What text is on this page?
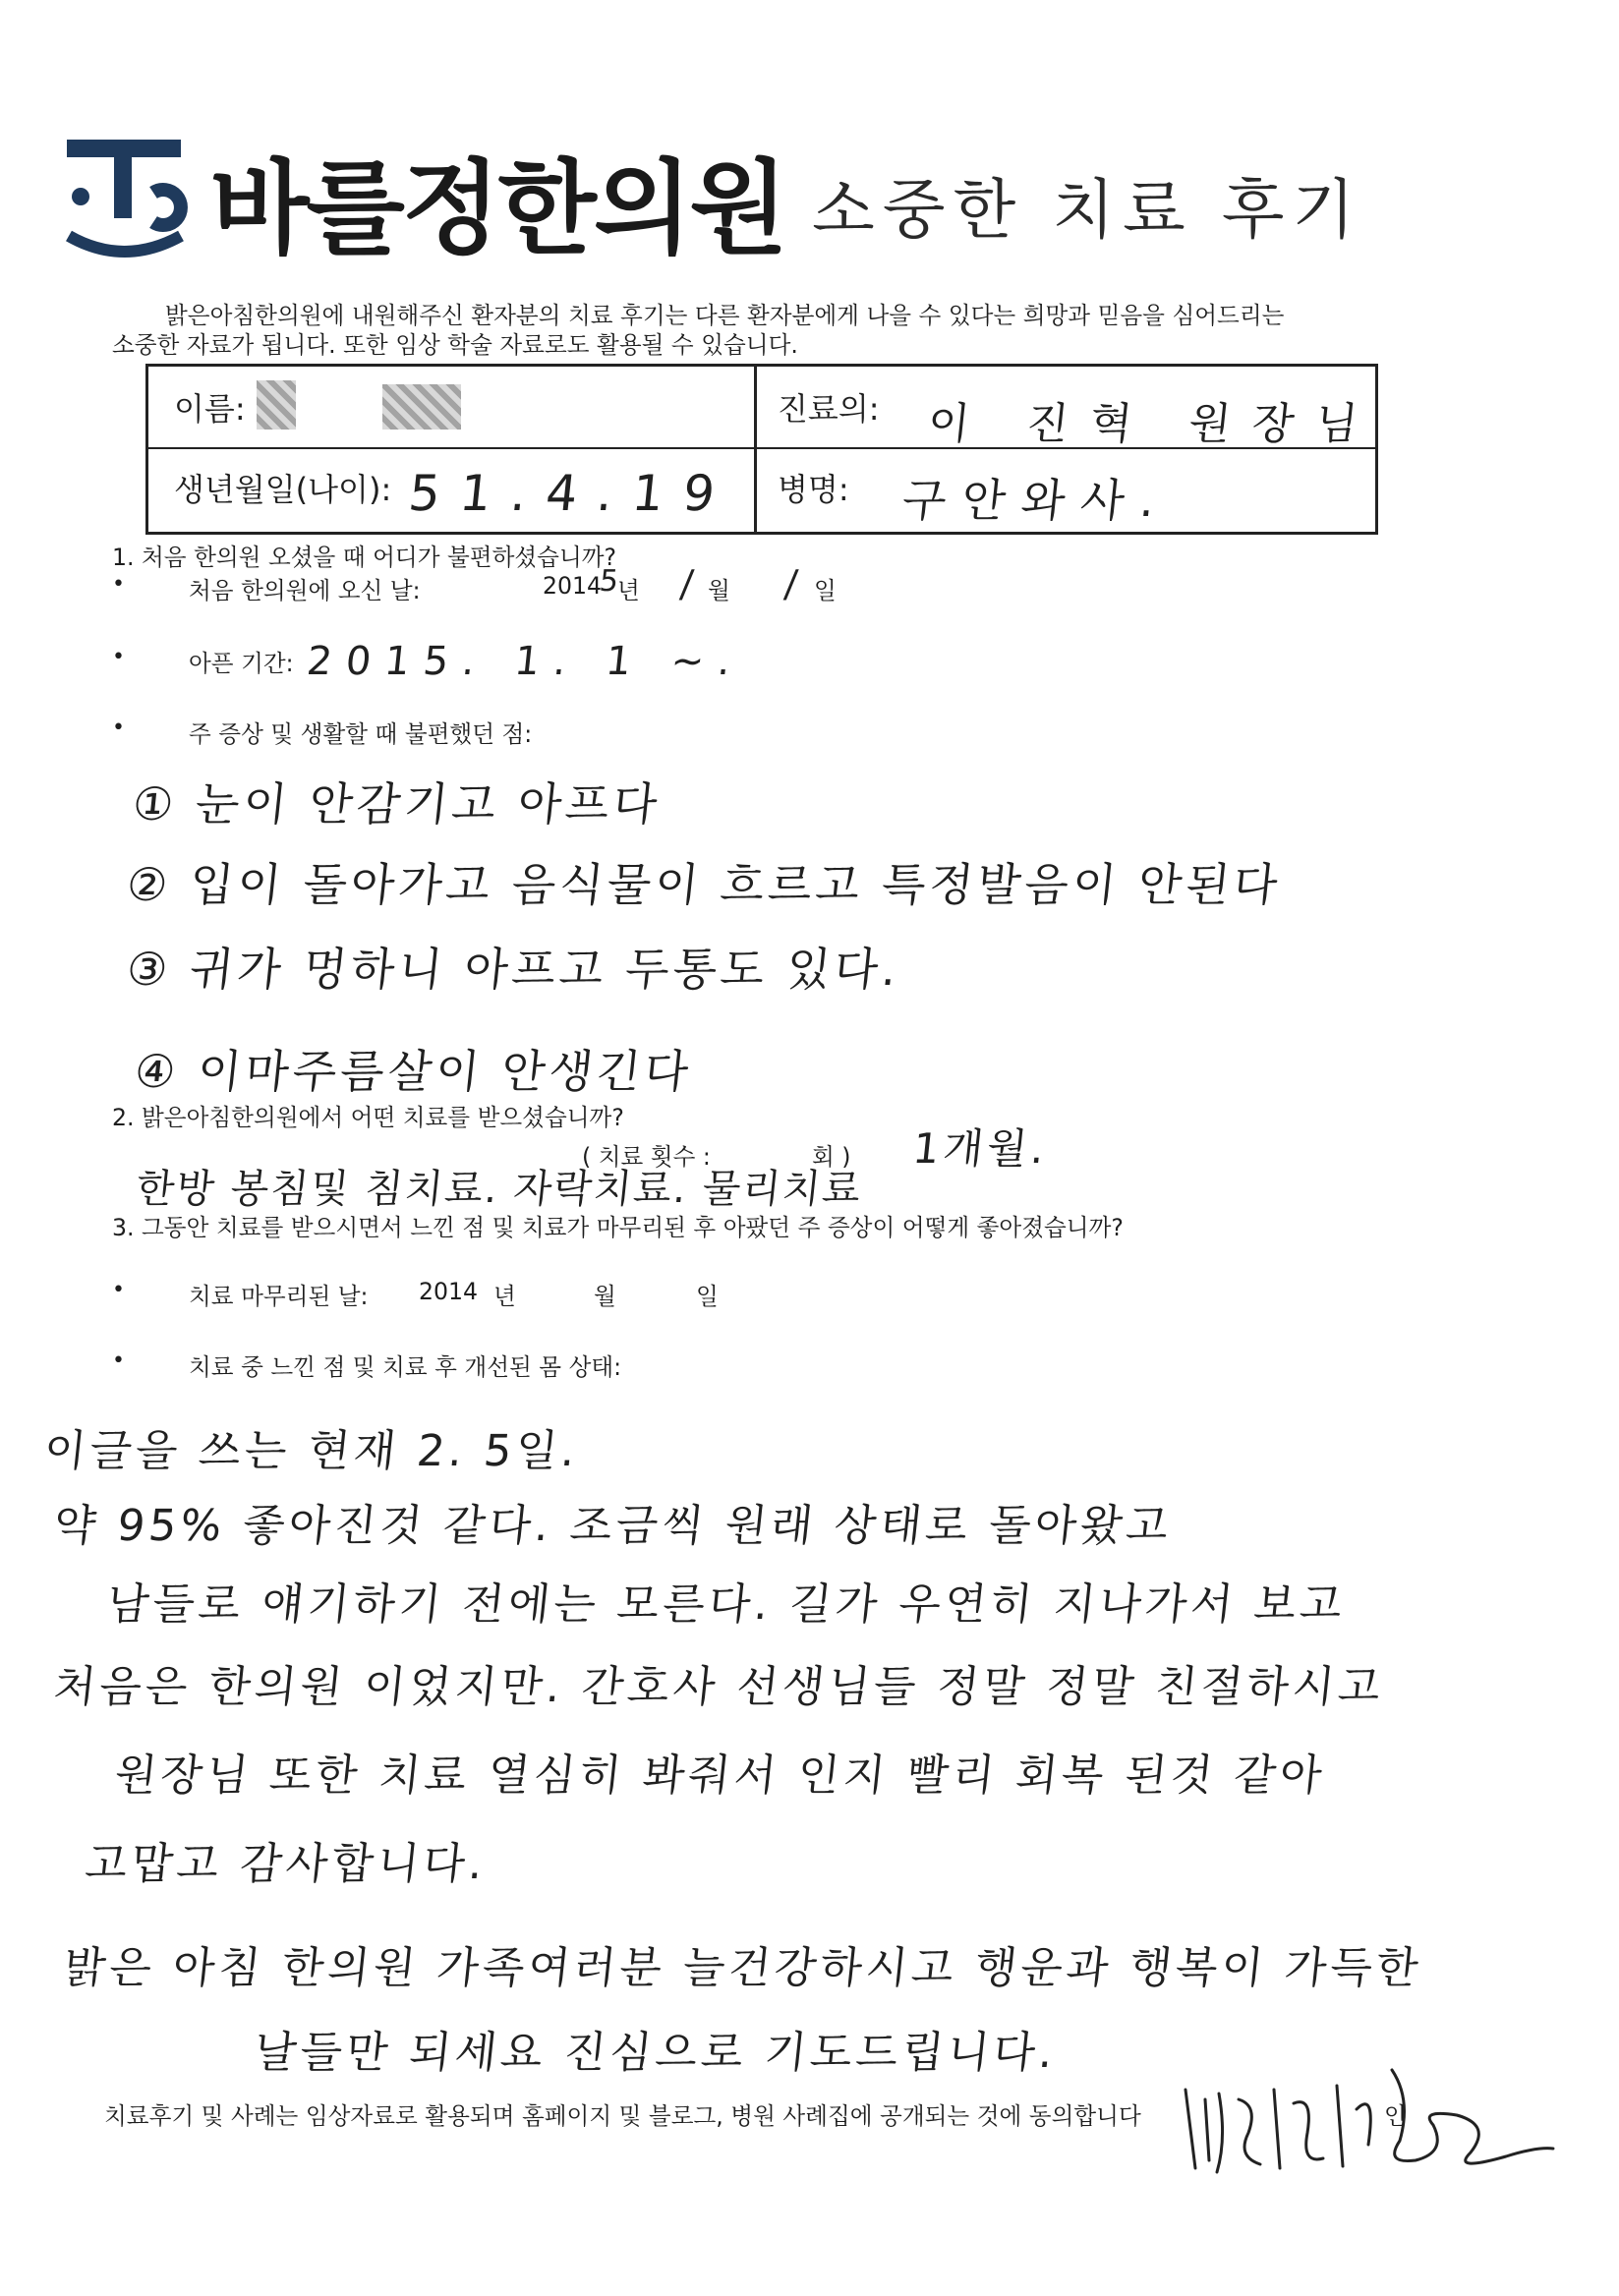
바를정한의원 소중한 치료 후기
밝은아침한의원에 내원해주신 환자분의 치료 후기는 다른 환자분에게 나을 수 있다는 희망과 믿음을 심어드리는
소중한 자료가 됩니다. 또한 임상 학술 자료로도 활용될 수 있습니다.
이름:	진료의: 이 진혁 원장님
생년월일(나이): 51.4.19 병명: 구안와사.
1. 처음 한의원 오셨을 때 어디가 불편하셨습니까?
•	처음 한의원에 오신 날:	2014
5
년 / 월 / 일
•	아픈 기간: 2015. 1. 1 ~.
•	주 증상 및 생활할 때 불편했던 점:
① 눈이 안감기고 아프다
② 입이 돌아가고 음식물이 흐르고 특정발음이 안된다
③ 귀가 멍하니 아프고 두통도 있다.
④ 이마주름살이 안생긴다
2. 밝은아침한의원에서 어떤 치료를 받으셨습니까?
( 치료 횟수 :	회 ) 1개월.
한방 봉침및 침치료. 자락치료. 물리치료
3. 그동안 치료를 받으시면서 느낀 점 및 치료가 마무리된 후 아팠던 주 증상이 어떻게 좋아졌습니까?
•	치료 마무리된 날: 2014 년	월	일
•	치료 중 느낀 점 및 치료 후 개선된 몸 상태:
이글을 쓰는 현재 2. 5일.
약 95% 좋아진것 같다. 조금씩 원래 상태로 돌아왔고
남들로 얘기하기 전에는 모른다. 길가 우연히 지나가서 보고
처음은 한의원 이었지만. 간호사 선생님들 정말 정말 친절하시고
원장님 또한 치료 열심히 봐줘서 인지 빨리 회복 된것 같아
고맙고 감사합니다.
밝은 아침 한의원 가족여러분 늘건강하시고 행운과 행복이 가득한
날들만 되세요 진심으로 기도드립니다.
치료후기 및 사례는 임상자료로 활용되며 홈페이지 및 블로그, 병원 사례집에 공개되는 것에 동의합니다	인
